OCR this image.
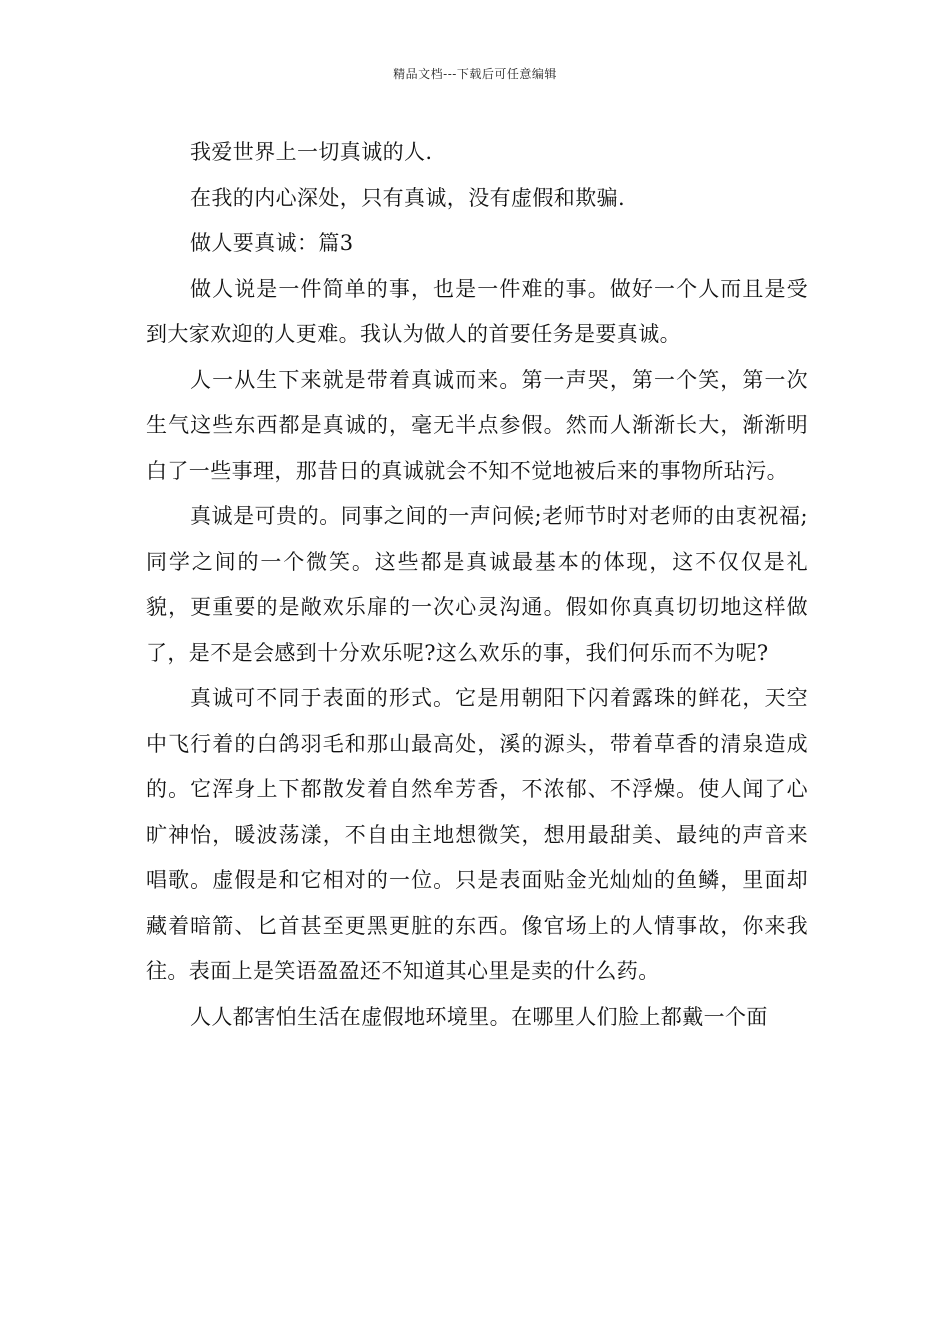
精品文档---下载后可任意编辑

我爱世界上一切真诚的人.

在我的内心深处，只有真诚，没有虚假和欺骗.

做人要真诚：篇3

做人说是一件简单的事，也是一件难的事。做好一个人而且是受到大家欢迎的人更难。我认为做人的首要任务是要真诚。

人一从生下来就是带着真诚而来。第一声哭，第一个笑，第一次生气这些东西都是真诚的，毫无半点参假。然而人渐渐长大，渐渐明白了一些事理，那昔日的真诚就会不知不觉地被后来的事物所玷污。

真诚是可贵的。同事之间的一声问候;老师节时对老师的由衷祝福;同学之间的一个微笑。这些都是真诚最基本的体现，这不仅仅是礼貌，更重要的是敞欢乐扉的一次心灵沟通。假如你真真切切地这样做了，是不是会感到十分欢乐呢?这么欢乐的事，我们何乐而不为呢?

真诚可不同于表面的形式。它是用朝阳下闪着露珠的鲜花，天空中飞行着的白鸽羽毛和那山最高处，溪的源头，带着草香的清泉造成的。它浑身上下都散发着自然牟芳香，不浓郁、不浮燥。使人闻了心旷神怡，暖波荡漾，不自由主地想微笑，想用最甜美、最纯的声音来唱歌。虚假是和它相对的一位。只是表面贴金光灿灿的鱼鳞，里面却藏着暗箭、匕首甚至更黑更脏的东西。像官场上的人情事故，你来我往。表面上是笑语盈盈还不知道其心里是卖的什么药。

人人都害怕生活在虚假地环境里。在哪里人们脸上都戴一个面
